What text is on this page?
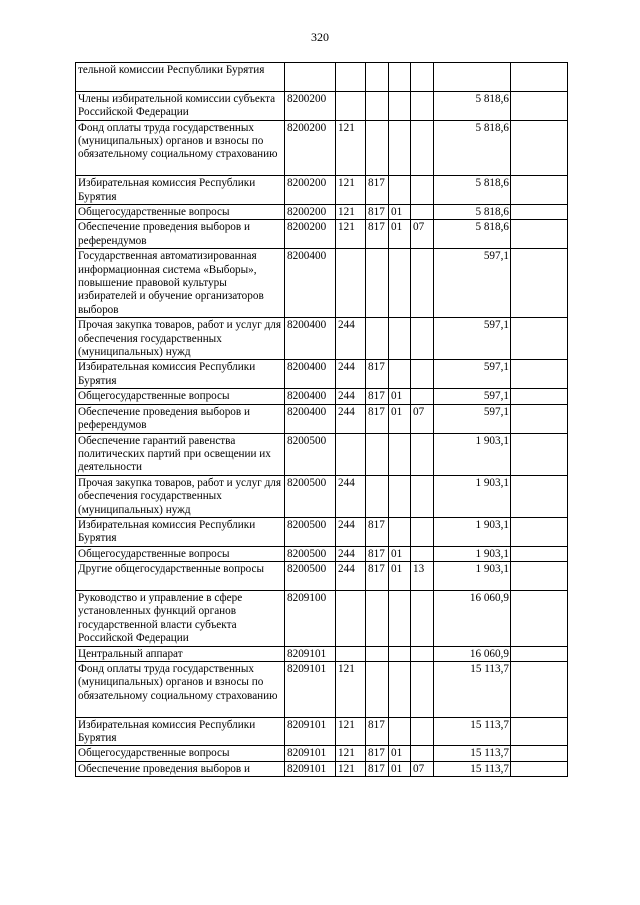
320
тельной комиссии Республики Бурятия							
Члены избирательной комиссии субъекта Российской Федерации	8200200					5 818,6	
Фонд оплаты труда государственных (муниципальных) органов и взносы по обязательному социальному страхованию	8200200	121				5 818,6	
Избирательная комиссия Республики Бурятия	8200200	121	817			5 818,6	
Общегосударственные вопросы	8200200	121	817	01		5 818,6	
Обеспечение проведения выборов и референдумов	8200200	121	817	01	07	5 818,6	
Государственная автоматизированная информационная система «Выборы», повышение правовой культуры избирателей и обучение организаторов выборов	8200400					597,1	
Прочая закупка товаров, работ и услуг для обеспечения государственных (муниципальных) нужд	8200400	244				597,1	
Избирательная комиссия Республики Бурятия	8200400	244	817			597,1	
Общегосударственные вопросы	8200400	244	817	01		597,1	
Обеспечение проведения выборов и референдумов	8200400	244	817	01	07	597,1	
Обеспечение гарантий равенства политических партий при освещении их деятельности	8200500					1 903,1	
Прочая закупка товаров, работ и услуг для обеспечения государственных (муниципальных) нужд	8200500	244				1 903,1	
Избирательная комиссия Республики Бурятия	8200500	244	817			1 903,1	
Общегосударственные вопросы	8200500	244	817	01		1 903,1	
Другие общегосударственные вопросы	8200500	244	817	01	13	1 903,1	
Руководство и управление в сфере установленных функций органов государственной власти субъекта Российской Федерации	8209100					16 060,9	
Центральный аппарат	8209101					16 060,9	
Фонд оплаты труда государственных (муниципальных) органов и взносы по обязательному социальному страхованию	8209101	121				15 113,7	
Избирательная комиссия Республики Бурятия	8209101	121	817			15 113,7	
Общегосударственные вопросы	8209101	121	817	01		15 113,7	
Обеспечение проведения выборов и	8209101	121	817	01	07	15 113,7	
